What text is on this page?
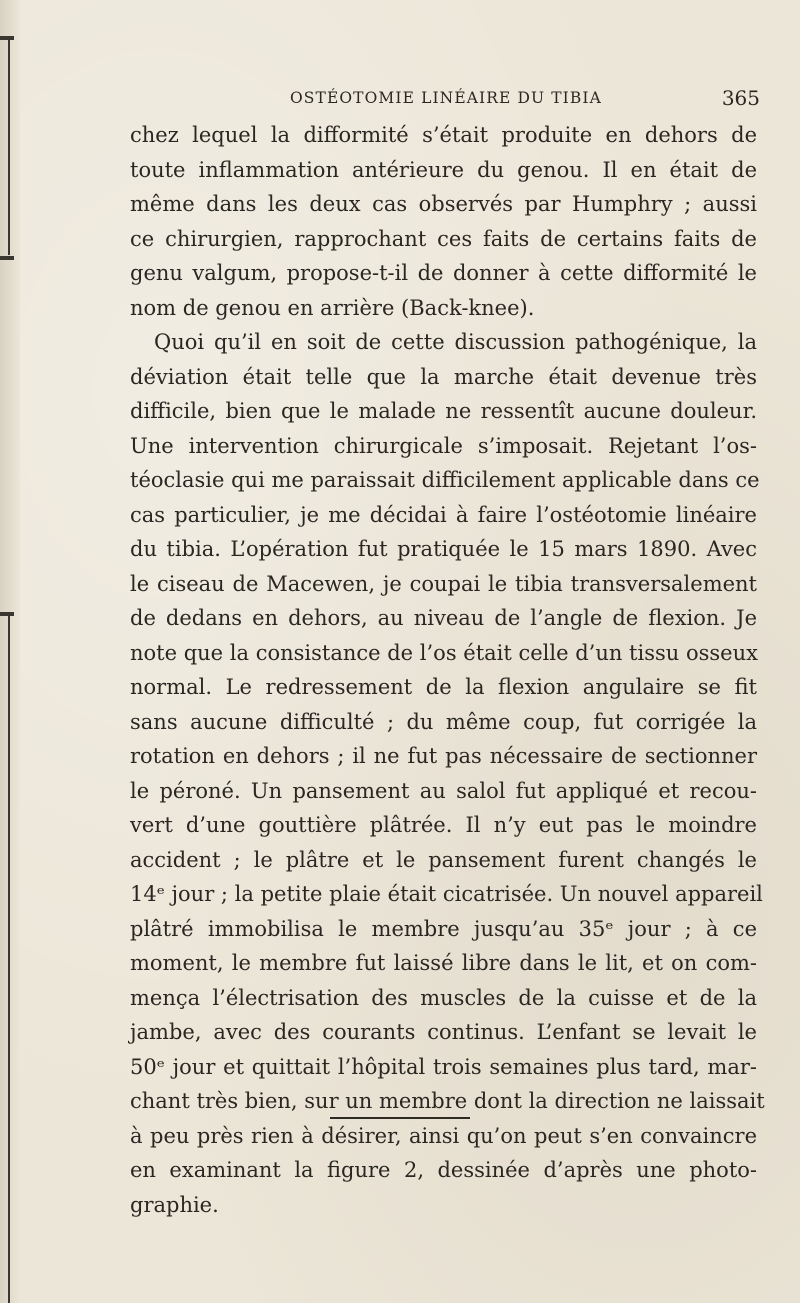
OSTÉOTOMIE LINÉAIRE DU TIBIA	365
chez lequel la difformité s’était produite en dehors de
toute inflammation antérieure du genou. Il en était de
même dans les deux cas observés par Humphry ; aussi
ce chirurgien, rapprochant ces faits de certains faits de
genu valgum, propose-t-il de donner à cette difformité le
nom de genou en arrière (Back-knee).
Quoi qu’il en soit de cette discussion pathogénique, la
déviation était telle que la marche était devenue très
difficile, bien que le malade ne ressentît aucune douleur.
Une intervention chirurgicale s’imposait. Rejetant l’os-
téoclasie qui me paraissait difficilement applicable dans ce
cas particulier, je me décidai à faire l’ostéotomie linéaire
du tibia. L’opération fut pratiquée le 15 mars 1890. Avec
le ciseau de Macewen, je coupai le tibia transversalement
de dedans en dehors, au niveau de l’angle de flexion. Je
note que la consistance de l’os était celle d’un tissu osseux
normal. Le redressement de la flexion angulaire se fit
sans aucune difficulté ; du même coup, fut corrigée la
rotation en dehors ; il ne fut pas nécessaire de sectionner
le péroné. Un pansement au salol fut appliqué et recou-
vert d’une gouttière plâtrée. Il n’y eut pas le moindre
accident ; le plâtre et le pansement furent changés le
14ᵉ jour ; la petite plaie était cicatrisée. Un nouvel appareil
plâtré immobilisa le membre jusqu’au 35ᵉ jour ; à ce
moment, le membre fut laissé libre dans le lit, et on com-
mença l’électrisation des muscles de la cuisse et de la
jambe, avec des courants continus. L’enfant se levait le
50ᵉ jour et quittait l’hôpital trois semaines plus tard, mar-
chant très bien, sur un membre dont la direction ne laissait
à peu près rien à désirer, ainsi qu’on peut s’en convaincre
en examinant la figure 2, dessinée d’après une photo-
graphie.
